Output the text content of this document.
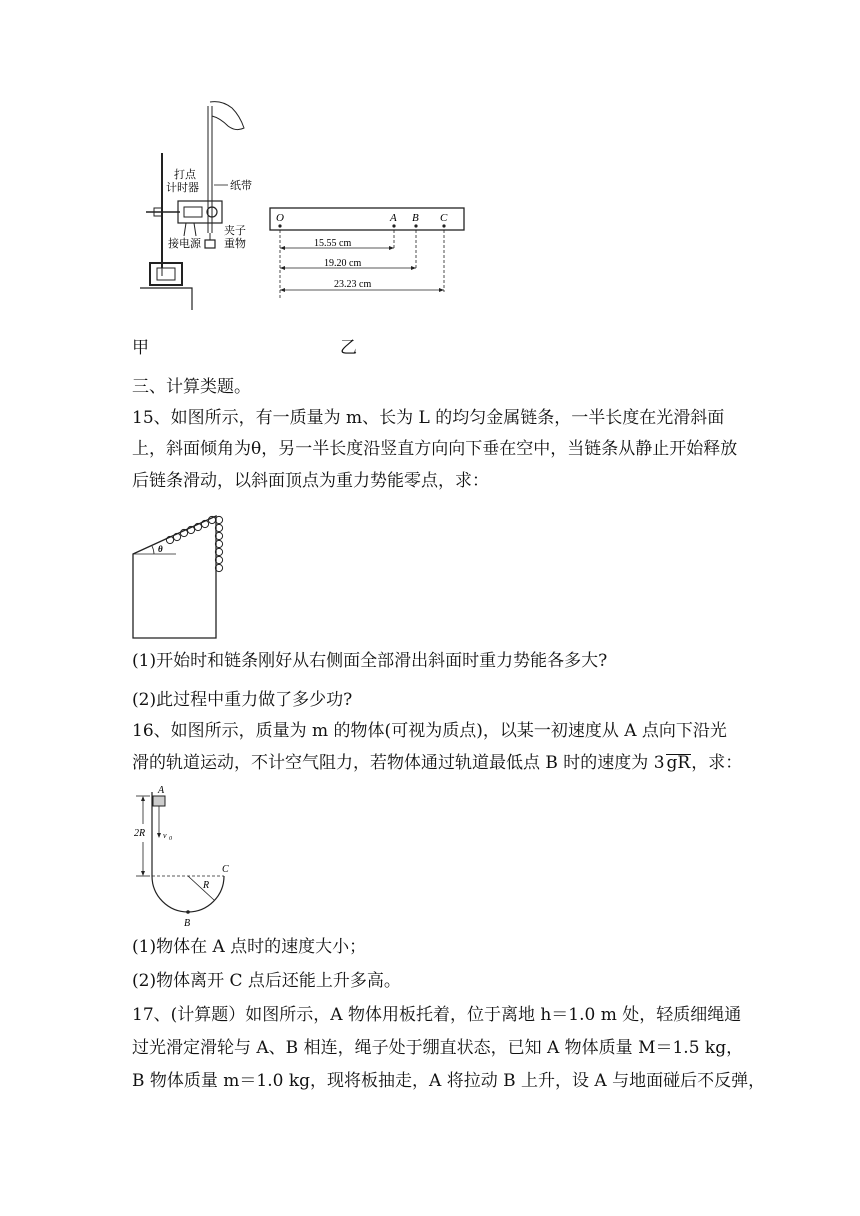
打点
计时器	纸带
夹子
重物
接电源
O	A B C
15.55 cm
19.20 cm
23.23 cm
甲	乙
三、计算类题。
15、如图所示，有一质量为 m、长为 L 的均匀金属链条，一半长度在光滑斜面
上，斜面倾角为θ，另一半长度沿竖直方向向下垂在空中，当链条从静止开始释放
后链条滑动，以斜面顶点为重力势能零点，求：
θ
(1)开始时和链条刚好从右侧面全部滑出斜面时重力势能各多大?
(2)此过程中重力做了多少功?
16、如图所示，质量为 m 的物体(可视为质点)，以某一初速度从 A 点向下沿光
滑的轨道运动，不计空气阻力，若物体通过轨道最低点 B 时的速度为 3 gR，求：
2R
A
v 0
R
C
B
(1)物体在 A 点时的速度大小；
(2)物体离开 C 点后还能上升多高。
17、(计算题）如图所示，A 物体用板托着，位于离地 h＝1.0 m 处，轻质细绳通
过光滑定滑轮与 A、B 相连，绳子处于绷直状态，已知 A 物体质量 M＝1.5 kg，
B 物体质量 m＝1.0 kg，现将板抽走，A 将拉动 B 上升，设 A 与地面碰后不反弹，
